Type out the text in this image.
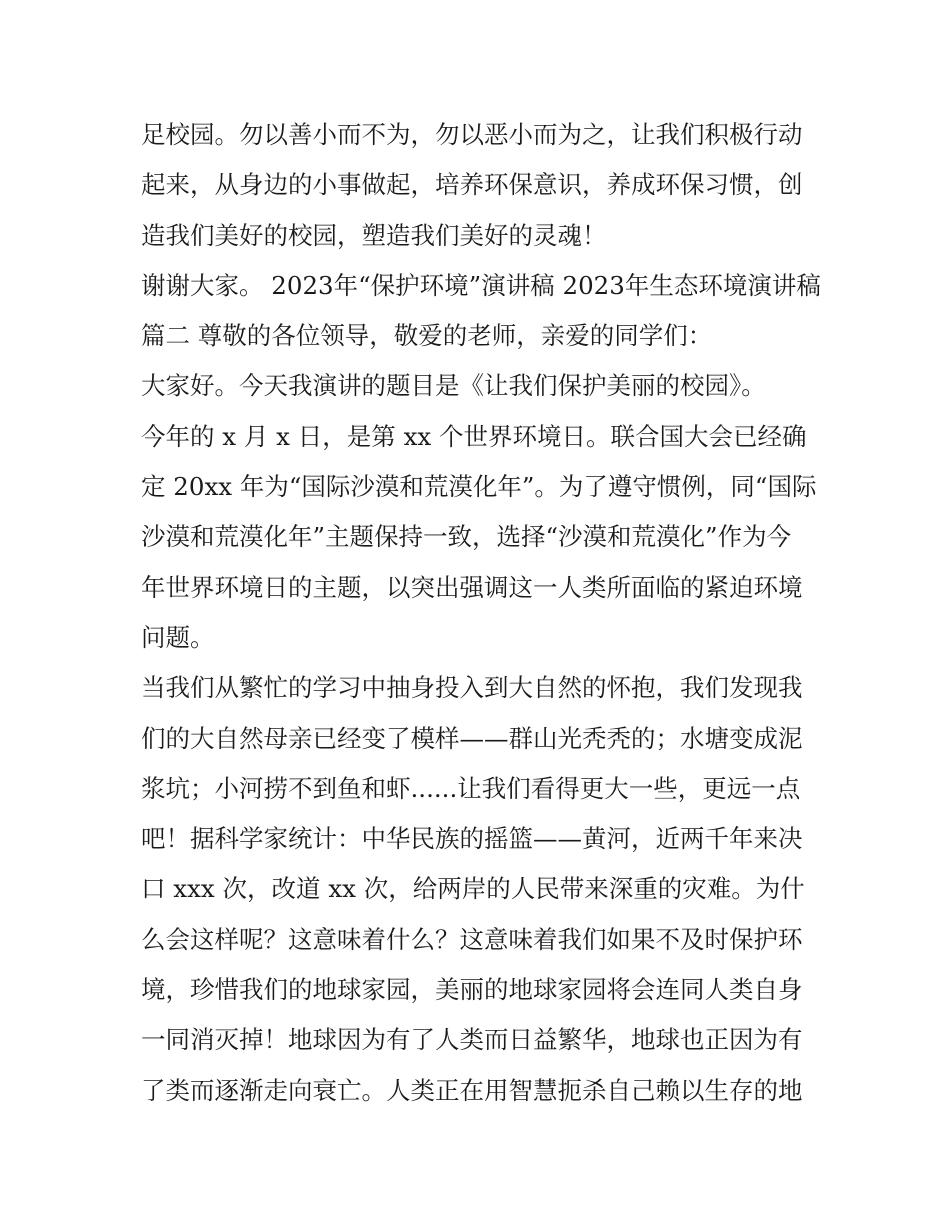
足校园。勿以善小而不为，勿以恶小而为之，让我们积极行动
起来，从身边的小事做起，培养环保意识，养成环保习惯，创
造我们美好的校园，塑造我们美好的灵魂！
谢谢大家。 2023年“保护环境”演讲稿 2023年生态环境演讲稿
篇二 尊敬的各位领导，敬爱的老师，亲爱的同学们：
大家好。今天我演讲的题目是《让我们保护美丽的校园》。
今年的 x 月 x 日，是第 xx 个世界环境日。联合国大会已经确
定 20xx 年为“国际沙漠和荒漠化年”。为了遵守惯例，同“国际
沙漠和荒漠化年”主题保持一致，选择“沙漠和荒漠化”作为今
年世界环境日的主题，以突出强调这一人类所面临的紧迫环境
问题。
当我们从繁忙的学习中抽身投入到大自然的怀抱，我们发现我
们的大自然母亲已经变了模样——群山光秃秃的；水塘变成泥
浆坑；小河捞不到鱼和虾......让我们看得更大一些，更远一点
吧！据科学家统计：中华民族的摇篮——黄河，近两千年来决
口 xxx 次，改道 xx 次，给两岸的人民带来深重的灾难。为什
么会这样呢？这意味着什么？这意味着我们如果不及时保护环
境，珍惜我们的地球家园，美丽的地球家园将会连同人类自身
一同消灭掉！地球因为有了人类而日益繁华，地球也正因为有
了类而逐渐走向衰亡。人类正在用智慧扼杀自己赖以生存的地
